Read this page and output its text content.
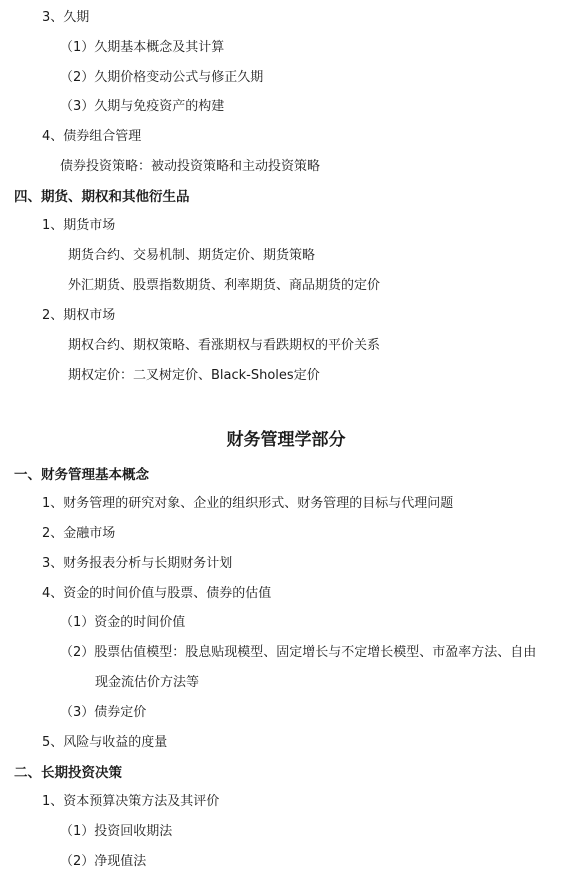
3、久期
（1）久期基本概念及其计算
（2）久期价格变动公式与修正久期
（3）久期与免疫资产的构建
4、债券组合管理
债券投资策略：被动投资策略和主动投资策略
四、期货、期权和其他衍生品
1、期货市场
期货合约、交易机制、期货定价、期货策略
外汇期货、股票指数期货、利率期货、商品期货的定价
2、期权市场
期权合约、期权策略、看涨期权与看跌期权的平价关系
期权定价：二叉树定价、Black-Sholes定价
财务管理学部分
一、财务管理基本概念
1、财务管理的研究对象、企业的组织形式、财务管理的目标与代理问题
2、金融市场
3、财务报表分析与长期财务计划
4、资金的时间价值与股票、债券的估值
（1）资金的时间价值
（2）股票估值模型：股息贴现模型、固定增长与不定增长模型、市盈率方法、自由
现金流估价方法等
（3）债券定价
5、风险与收益的度量
二、长期投资决策
1、资本预算决策方法及其评价
（1）投资回收期法
（2）净现值法
